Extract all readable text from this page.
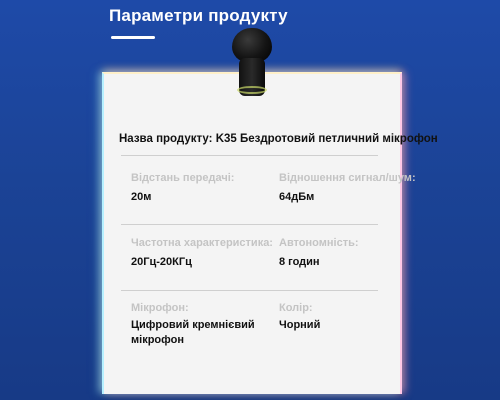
Параметри продукту
Назва продукту: K35 Бездротовий петличний мікрофон
Відстань передачі:
20м
Відношення сигнал/шум:
64дБм
Частотна характеристика:
20Гц-20КГц
Автономність:
8 годин
Мікрофон:
Цифровий кремнієвий мікрофон
Колір:
Чорний
